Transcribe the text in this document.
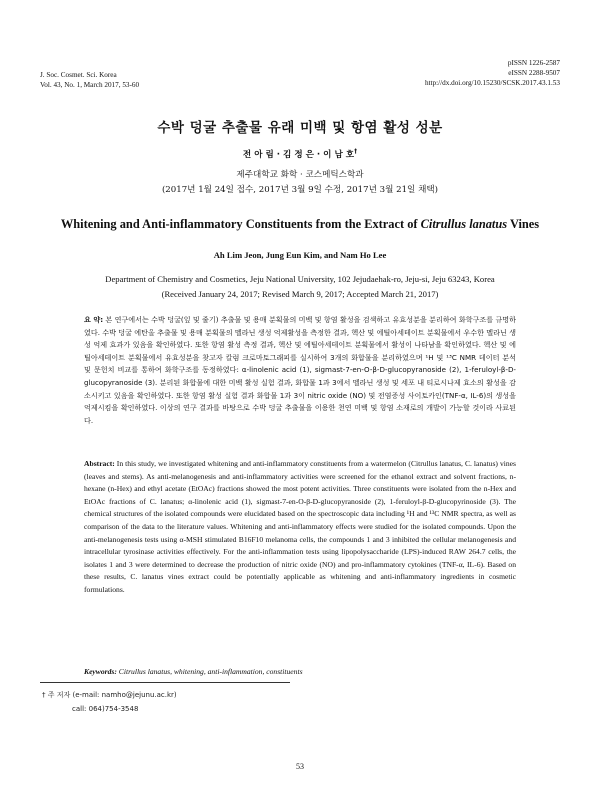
J. Soc. Cosmet. Sci. Korea
Vol. 43, No. 1, March 2017, 53-60
pISSN 1226-2587
eISSN 2288-9507
http://dx.doi.org/10.15230/SCSK.2017.43.1.53
수박 덩굴 추출물 유래 미백 및 항염 활성 성분
전 아 림 · 김 정 은 · 이 남 호†
제주대학교 화학 · 코스메틱스학과
(2017년 1월 24일 접수, 2017년 3월 9일 수정, 2017년 3월 21일 채택)
Whitening and Anti-inflammatory Constituents from the Extract of Citrullus lanatus Vines
Ah Lim Jeon, Jung Eun Kim, and Nam Ho Lee
Department of Chemistry and Cosmetics, Jeju National University, 102 Jejudaehak-ro, Jeju-si, Jeju 63243, Korea
(Received January 24, 2017; Revised March 9, 2017; Accepted March 21, 2017)
요 약: 본 연구에서는 수박 덩굴(잎 및 줄기) 추출물 및 용매 분획물의 미백 및 항염 활성을 검색하고 유효성분을 분리하여 화학구조를 규명하였다. 수박 덩굴 에탄올 추출물 및 용매 분획물의 멜라닌 생성 억제활성을 측정한 결과, 헥산 및 에틸아세테이트 분획물에서 우수한 멜라닌 생성 억제 효과가 있음을 확인하였다. 또한 항염 활성 측정 결과, 헥산 및 에틸아세테이트 분획물에서 활성이 나타남을 확인하였다. 헥산 및 에틸아세테이트 분획물에서 유효성분을 찾고자 칼럼 크로마토그래피를 실시하여 3개의 화합물을 분리하였으며 ¹H 및 ¹³C NMR 데이터 분석 및 문헌치 비교를 통하여 화학구조를 동정하였다: α-linolenic acid (1), sigmast-7-en-O-β-D-glucopyranoside (2), 1-feruloyl-β-D-glucopyranoside (3). 분리된 화합물에 대한 미백 활성 실험 결과, 화합물 1과 3에서 멜라닌 생성 및 세포 내 티로시나제 효소의 활성을 감소시키고 있음을 확인하였다. 또한 항염 활성 실험 결과 화합물 1과 3이 nitric oxide (NO) 및 전염증성 사이토카인(TNF-α, IL-6)의 생성을 억제시킴을 확인하였다. 이상의 연구 결과를 바탕으로 수박 덩굴 추출물을 이용한 천연 미백 및 항염 소재로의 개발이 가능할 것이라 사료된다.
Abstract: In this study, we investigated whitening and anti-inflammatory constituents from a watermelon (Citrullus lanatus, C. lanatus) vines (leaves and stems). As anti-melanogenesis and anti-inflammatory activities were screened for the ethanol extract and solvent fractions, n-hexane (n-Hex) and ethyl acetate (EtOAc) fractions showed the most potent activities. Three constituents were isolated from the n-Hex and EtOAc fractions of C. lanatus; α-linolenic acid (1), sigmast-7-en-O-β-D-glucopyranoside (2), 1-feruloyl-β-D-glucopyrinoside (3). The chemical structures of the isolated compounds were elucidated based on the spectroscopic data including ¹H and ¹³C NMR spectra, as well as comparison of the data to the literature values. Whitening and anti-inflammatory effects were studied for the isolated compounds. Upon the anti-melanogenesis tests using α-MSH stimulated B16F10 melanoma cells, the compounds 1 and 3 inhibited the cellular melanogenesis and intracellular tyrosinase activities effectively. For the anti-inflammation tests using lipopolysaccharide (LPS)-induced RAW 264.7 cells, the isolates 1 and 3 were determined to decrease the production of nitric oxide (NO) and pro-inflammatory cytokines (TNF-α, IL-6). Based on these results, C. lanatus vines extract could be potentially applicable as whitening and anti-inflammatory ingredients in cosmetic formulations.
Keywords: Citrullus lanatus, whitening, anti-inflammation, constituents
† 주 저자 (e-mail: namho@jejunu.ac.kr)
call: 064)754-3548
53
